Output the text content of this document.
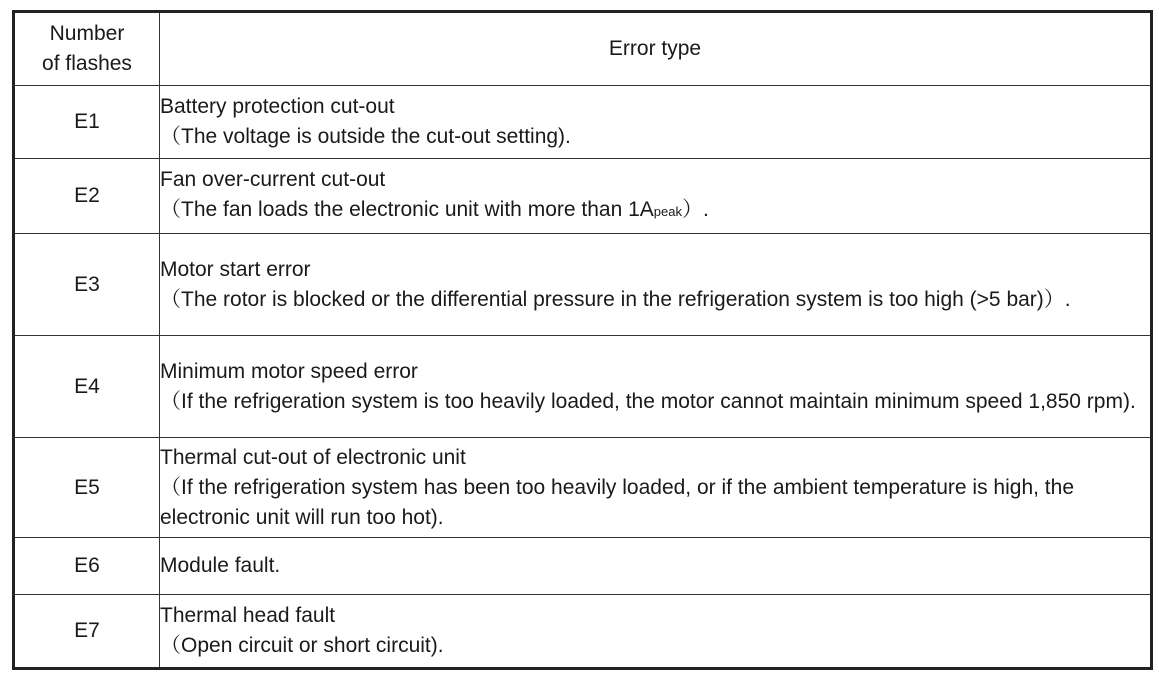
Number
of flashes	Error type
E1	Battery protection cut-out
（The voltage is outside the cut-out setting).

E2	Fan over-current cut-out
（The fan loads the electronic unit with more than 1Apeak）.

E3	Motor start error
（The rotor is blocked or the differential pressure in the refrigeration system is too high (>5 bar)）.

E4	Minimum motor speed error
（If the refrigeration system is too heavily loaded, the motor cannot maintain minimum speed 1,850 rpm).

E5	Thermal cut-out of electronic unit
（If the refrigeration system has been too heavily loaded, or if the ambient temperature is high, the electronic unit will run too hot).

E6	Module fault.

E7	Thermal head fault
（Open circuit or short circuit).
